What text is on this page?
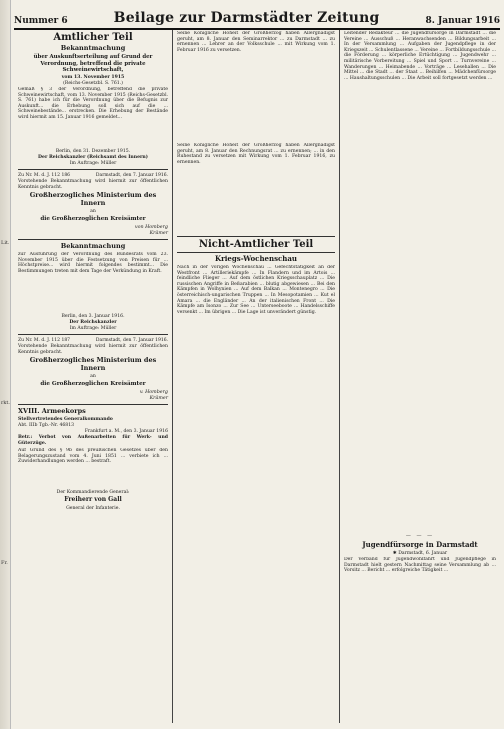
Lit.
rkt.
Fr.
Nummer 6	Beilage zur Darmstädter Zeitung	8. Januar 1916
Amtlicher Teil
Bekanntmachung
über Auskunftserteilung auf Grund der Verordnung, betreffend die private Schweinewirtschaft,
vom 13. November 1915
(Reichs-Gesetzbl. S. 761.)
Gemäß § 3 der Verordnung, betreffend die private Schweinewirtschaft, vom 13. November 1915 (Reichs-Gesetzbl. S. 761) habe ich für die Verordnung über die Befugnis zur Auskunft... die Erhebung soll sich auf die ... Schweinebestände... erstrecken. Die Erhebung der Bestände wird hiermit am 15. Januar 1916 gemeldet...
Berlin, den 31. Dezember 1915.
Der Reichskanzler (Reichsamt des Innern)
Im Auftrage: Müller
Zu Nr. M. d. J. 112 186	Darmstadt, den 7. Januar 1916.
Vorstehende Bekanntmachung wird hiermit zur öffentlichen Kenntnis gebracht.
Großherzogliches Ministerium des Innern
an
die Großherzoglichen Kreisämter
von Homberg
Krämer
Bekanntmachung
zur Ausführung der Verordnung des Bundesrats vom 23. November 1915 über die Festsetzung von Preisen für ... Höchstpreise... wird hiermit folgendes bestimmt... Die Bestimmungen treten mit dem Tage der Verkündung in Kraft.
Berlin, den 3. Januar 1916.
Der Reichskanzler
Im Auftrage: Müller
Zu Nr. M. d. J. 112 187	Darmstadt, den 7. Januar 1916.
Vorstehende Bekanntmachung wird hiermit zur öffentlichen Kenntnis gebracht.
Großherzogliches Ministerium des Innern
an
die Großherzoglichen Kreisämter
v. Homberg
Krämer
XVIII. Armeekorps
Stellvertretendes Generalkommando
Abt. IIIb Tgb.-Nr. 46813
Frankfurt a. M., den 3. Januar 1916
Betr.: Verbot von Außenarbeiten für Werk- und Güterzüge.
Auf Grund des § 9b des preußischen Gesetzes über den Belagerungszustand vom 4. Juni 1851 ... verbiete ich ... Zuwiderhandlungen werden ... bestraft.
Der Kommandierende General:
Freiherr von Gall
General der Infanterie.
Seine Königliche Hoheit der Großherzog haben Allergnädigst geruht, am 8. Januar den Seminarrektor ... zu Darmstadt ... zu ernennen ... Lehrer an der Volksschule ... mit Wirkung vom 1. Februar 1916 zu versetzen.
Seine Königliche Hoheit der Großherzog haben Allergnädigst geruht, am 8. Januar den Rechnungsrat ... zu ernennen; ... in den Ruhestand zu versetzen mit Wirkung vom 1. Februar 1916, zu ernennen.
Nicht-Amtlicher Teil
Kriegs-Wochenschau
Nach in der vorigen Wochenschau ... Gefechtstätigkeit an der Westfront ... Artilleriekämpfe ... In Flandern und im Artois ... feindliche Flieger ... Auf dem östlichen Kriegsschauplatz ... Die russischen Angriffe in Beßarabien ... blutig abgewiesen ... Bei den Kämpfen in Wolhynien ... Auf dem Balkan ... Montenegro ... Die österreichisch-ungarischen Truppen ... In Mesopotamien ... Kut el Amara ... die Engländer ... An der italienischen Front ... Die Kämpfe am Isonzo ... Zur See ... Unterseeboote ... Handelsschiffe versenkt ... Im übrigen ... Die Lage ist unverändert günstig.
Leitender Redakteur ... die Jugendfürsorge in Darmstadt ... die Vereine ... Ausschuß ... Heranwachsenden ... Bildungsarbeit ... In der Versammlung ... Aufgaben der Jugendpflege in der Kriegszeit ... Schulentlassene ... Vereine ... Fortbildungsschule ... die Förderung ... körperliche Ertüchtigung ... Jugendwehr ... militärische Vorbereitung ... Spiel und Sport ... Turnvereine ... Wanderungen ... Heimabende ... Vorträge ... Lesehallen ... Die Mittel ... die Stadt ... der Staat ... Beihilfen ... Mädchenfürsorge ... Haushaltungsschulen ... Die Arbeit soll fortgesetzt werden ...
— — —
Jugendfürsorge in Darmstadt
✱ Darmstadt, 6. Januar
Der Verband für Jugendwohlfahrt und Jugendpflege in Darmstadt hielt gestern Nachmittag seine Versammlung ab ... Vorsitz ... Bericht ... erfolgreiche Tätigkeit ...
